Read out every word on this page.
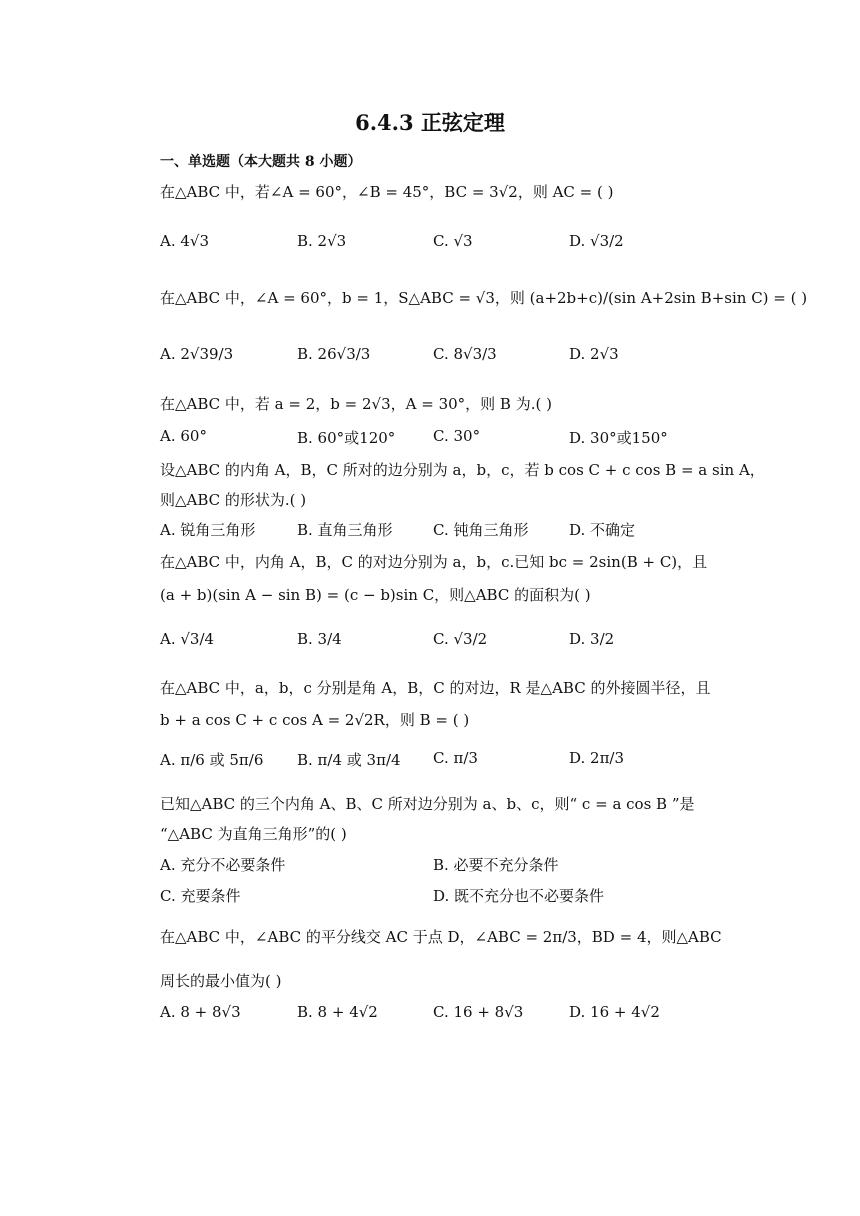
6.4.3 正弦定理
一、单选题（本大题共 8 小题）
在△ABC 中，若∠A = 60°，∠B = 45°，BC = 3√2，则 AC = ( )
A. 4√3	B. 2√3	C. √3	D. √3/2
在△ABC 中，∠A = 60°，b = 1，S△ABC = √3，则 (a+2b+c)/(sin A+2sin B+sin C) = ( )
A. 2√39/3	B. 26√3/3	C. 8√3/3	D. 2√3
在△ABC 中，若 a = 2，b = 2√3，A = 30°，则 B 为.( )
A. 60°	B. 60°或120°	C. 30°	D. 30°或150°
设△ABC 的内角 A，B，C 所对的边分别为 a，b，c，若 b cos C + c cos B = a sin A，
则△ABC 的形状为.( )
A. 锐角三角形	B. 直角三角形	C. 钝角三角形	D. 不确定
在△ABC 中，内角 A，B，C 的对边分别为 a，b，c.已知 bc = 2sin(B + C)，且
(a + b)(sin A − sin B) = (c − b)sin C，则△ABC 的面积为( )
A. √3/4	B. 3/4	C. √3/2	D. 3/2
在△ABC 中，a，b，c 分别是角 A，B，C 的对边，R 是△ABC 的外接圆半径，且
b + a cos C + c cos A = 2√2R，则 B = ( )
A. π/6 或 5π/6 B. π/4 或 3π/4 C. π/3	D. 2π/3
已知△ABC 的三个内角 A、B、C 所对边分别为 a、b、c，则“ c = a cos B ”是
“△ABC 为直角三角形”的( )
A. 充分不必要条件	B. 必要不充分条件
C. 充要条件	D. 既不充分也不必要条件
在△ABC 中，∠ABC 的平分线交 AC 于点 D，∠ABC = 2π/3，BD = 4，则△ABC
周长的最小值为( )
A. 8 + 8√3	B. 8 + 4√2	C. 16 + 8√3	D. 16 + 4√2
